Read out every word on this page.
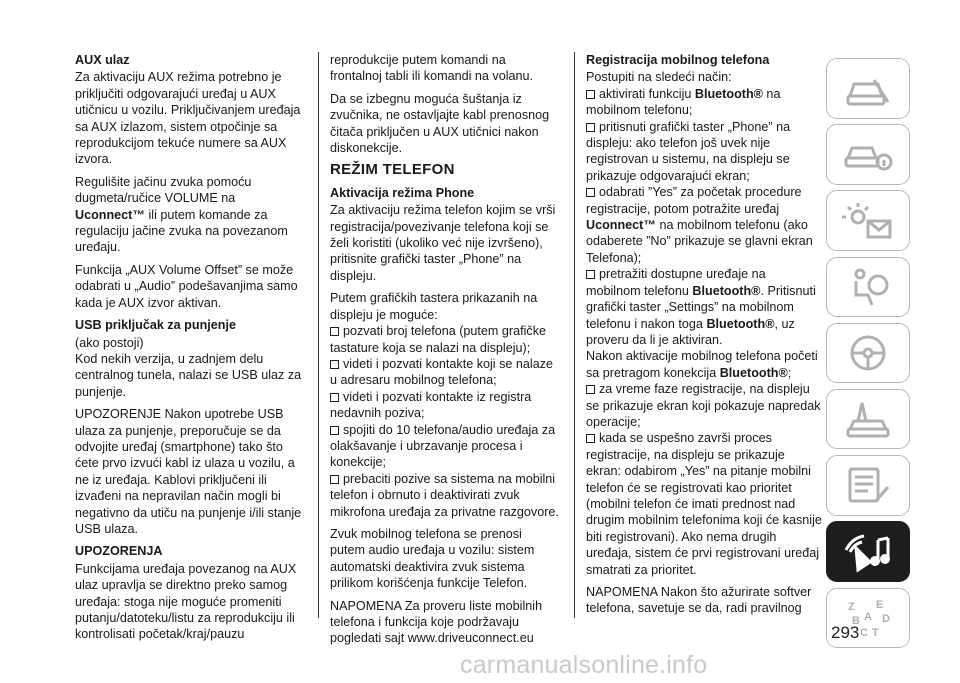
AUX ulaz

Za aktivaciju AUX režima potrebno je priključiti odgovarajući uređaj u AUX utičnicu u vozilu. Priključivanjem uređaja sa AUX izlazom, sistem otpočinje sa reprodukcijom tekuće numere sa AUX izvora.

Regulišite jačinu zvuka pomoću dugmeta/ručice VOLUME na Uconnect™ ili putem komande za regulaciju jačine zvuka na povezanom uređaju.

Funkcija „AUX Volume Offset” se može odabrati u „Audio” podešavanjima samo kada je AUX izvor aktivan.

USB priključak za punjenje

(ako postoji)

Kod nekih verzija, u zadnjem delu centralnog tunela, nalazi se USB ulaz za punjenje.

UPOZORENJE Nakon upotrebe USB ulaza za punjenje, preporučuje se da odvojite uređaj (smartphone) tako što ćete prvo izvući kabl iz ulaza u vozilu, a ne iz uređaja. Kablovi priključeni ili izvađeni na nepravilan način mogli bi negativno da utiču na punjenje i/ili stanje USB ulaza.

UPOZORENJA

Funkcijama uređaja povezanog na AUX ulaz upravlja se direktno preko samog uređaja: stoga nije moguće promeniti putanju/datoteku/listu za reprodukciju ili kontrolisati početak/kraj/pauzu

reprodukcije putem komandi na frontalnoj tabli ili komandi na volanu.

Da se izbegnu moguća šuštanja iz zvučnika, ne ostavljajte kabl prenosnog čitača priključen u AUX utičnici nakon diskonekcije.

REŽIM TELEFON
Aktivacija režima Phone

Za aktivaciju režima telefon kojim se vrši registracija/povezivanje telefona koji se želi koristiti (ukoliko već nije izvršeno), pritisnite grafički taster „Phone” na displeju.

Putem grafičkih tastera prikazanih na displeju je moguće:

pozvati broj telefona (putem grafičke tastature koja se nalazi na displeju);
videti i pozvati kontakte koji se nalaze u adresaru mobilnog telefona;
videti i pozvati kontakte iz registra nedavnih poziva;
spojiti do 10 telefona/audio uređaja za olakšavanje i ubrzavanje procesa i konekcije;
prebaciti pozive sa sistema na mobilni telefon i obrnuto i deaktivirati zvuk mikrofona uređaja za privatne razgovore.

Zvuk mobilnog telefona se prenosi putem audio uređaja u vozilu: sistem automatski deaktivira zvuk sistema prilikom korišćenja funkcije Telefon.

NAPOMENA Za proveru liste mobilnih telefona i funkcija koje podržavaju pogledati sajt www.driveuconnect.eu

Registracija mobilnog telefona

Postupiti na sledeći način:

aktivirati funkciju Bluetooth® na mobilnom telefonu;
pritisnuti grafički taster „Phone” na displeju: ako telefon još uvek nije registrovan u sistemu, na displeju se prikazuje odgovarajući ekran;
odabrati ”Yes” za početak procedure registracije, potom potražite uređaj Uconnect™ na mobilnom telefonu (ako odaberete ”No” prikazuje se glavni ekran Telefona);
pretražiti dostupne uređaje na mobilnom telefonu Bluetooth®. Pritisnuti grafički taster „Settings” na mobilnom telefonu i nakon toga Bluetooth®, uz proveru da li je aktiviran.

Nakon aktivacije mobilnog telefona početi sa pretragom konekcija Bluetooth®;

za vreme faze registracije, na displeju se prikazuje ekran koji pokazuje napredak operacije;
kada se uspešno završi proces registracije, na displeju se prikazuje ekran: odabirom „Yes” na pitanje mobilni telefon će se registrovati kao prioritet (mobilni telefon će imati prednost nad drugim mobilnim telefonima koji će kasnije biti registrovani). Ako nema drugih uređaja, sistem će prvi registrovani uređaj smatrati za prioritet.

NAPOMENA Nakon što ažurirate softver telefona, savetuje se da, radi pravilnog	Z E
B A D
C T
293
carmanualsonline.info
